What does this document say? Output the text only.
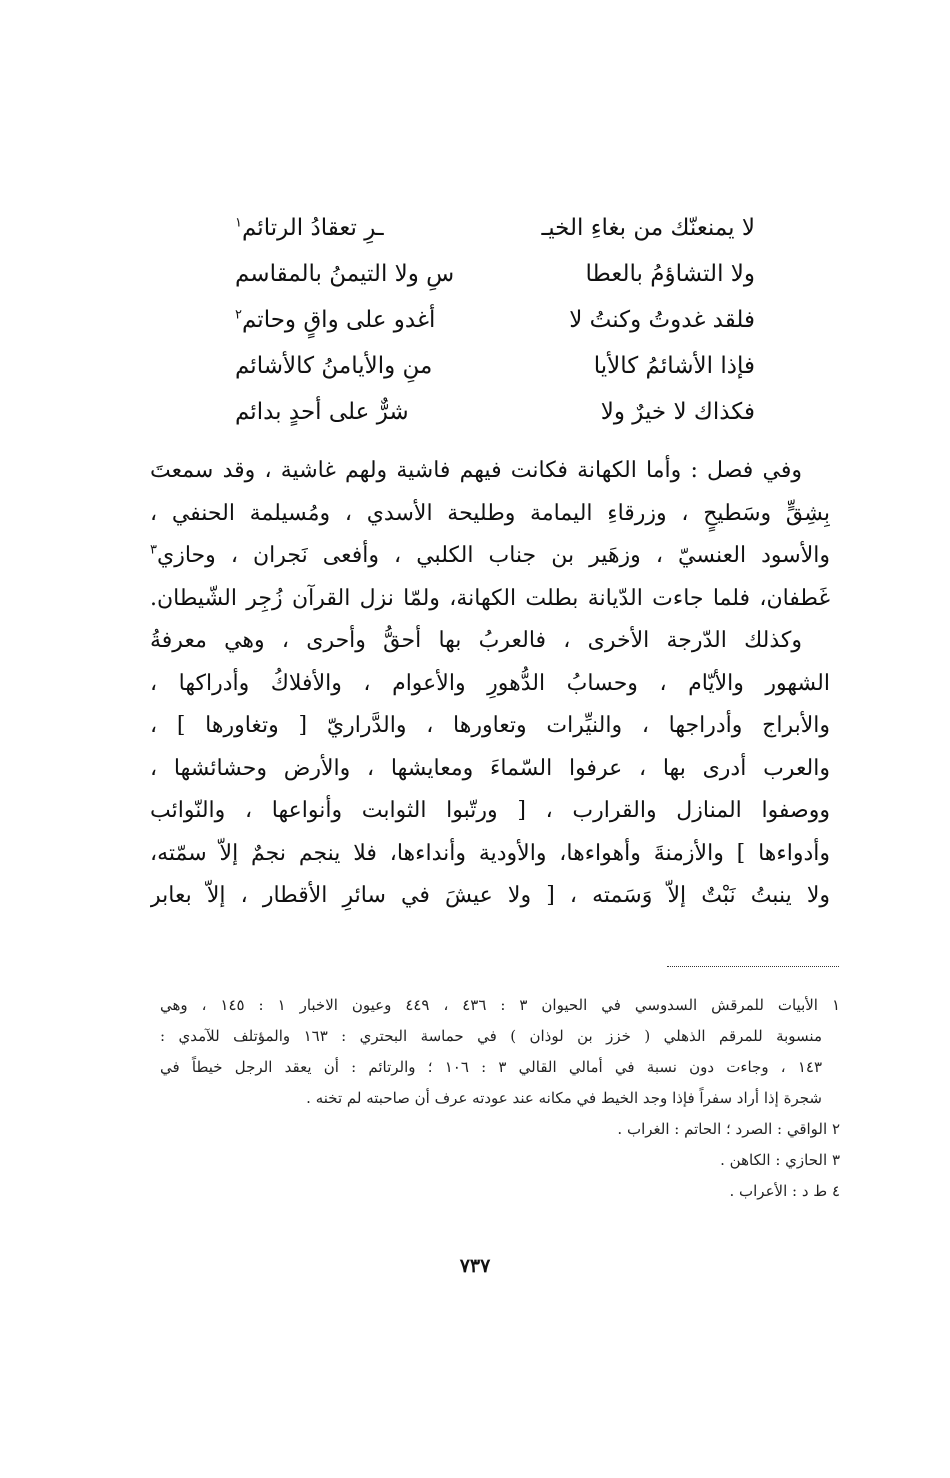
لا يمنعنّك من بغاءِ الخيـ
ـرِ تعقادُ الرتائم$^١$
ولا التشاؤمُ بالعطا
سِ ولا التيمنُ بالمقاسم
فلقد غدوتُ وكنتُ لا
أغدو على واقٍ وحاتم$^٢$
فإذا الأشائمُ كالأيا
منِ والأيامنُ كالأشائم
فكذاك لا خيرٌ ولا
شرٌّ على أحدٍ بدائم
وفي فصل : وأما الكهانة فكانت فيهم فاشية ولهم غاشية ، وقد سمعتَ
بِشِقٍّ وسَطيحٍ ، وزرقاءِ اليمامة وطليحة الأسدي ، ومُسيلمة الحنفي ،
والأسود العنسيّ ، وزهَير بن جناب الكلبي ، وأفعى نَجران ، وحازي$^٣$
غَطفان، فلما جاءت الدّيانة بطلت الكهانة، ولمّا نزل القرآن زُجِر الشّيطان.
وكذلك الدّرجة الأخرى ، فالعربُ بها أحقُّ وأحرى ، وهي معرفةُ
الشهور والأيّام ، وحسابُ الدُّهورِ والأعوام ، والأفلاكُ وأدراكها ،
والأبراج وأدراجها ، والنيِّرات وتعاورها ، والدَّراريّ [ وتغاورها ] ،
والعرب أدرى بها ، عرفوا السّماءَ ومعايشها ، والأرض وحشائشها ،
ووصفوا المنازل والقرارب ، [ ورتّبوا الثوابت وأنواعها ، والنّوائب
وأدواءها ] والأزمنةَ وأهواءها، والأودية وأنداءها، فلا ينجم نجمٌ إلاّ سمّته،
ولا ينبتُ نَبْتٌ إلاّ وَسَمته ، [ ولا عيشَ في سائرِ الأقطار ، إلاّ بعابر
١ الأبيات للمرقش السدوسي في الحيوان ٣ : ٤٣٦ ، ٤٤٩ وعيون الاخبار ١ : ١٤٥ ، وهي
منسوبة للمرقم الذهلي ( خزز بن لوذان ) في حماسة البحتري : ١٦٣ والمؤتلف للآمدي :
١٤٣ ، وجاءت دون نسبة في أمالي القالي ٣ : ١٠٦ ؛ والرتائم : أن يعقد الرجل خيطاً في
شجرة إذا أراد سفراً فإذا وجد الخيط في مكانه عند عودته عرف أن صاحبته لم تخنه .
٢ الواقي : الصرد ؛ الحاتم : الغراب .
٣ الحازي : الكاهن .
٤ ط د : الأعراب .
٧٣٧
